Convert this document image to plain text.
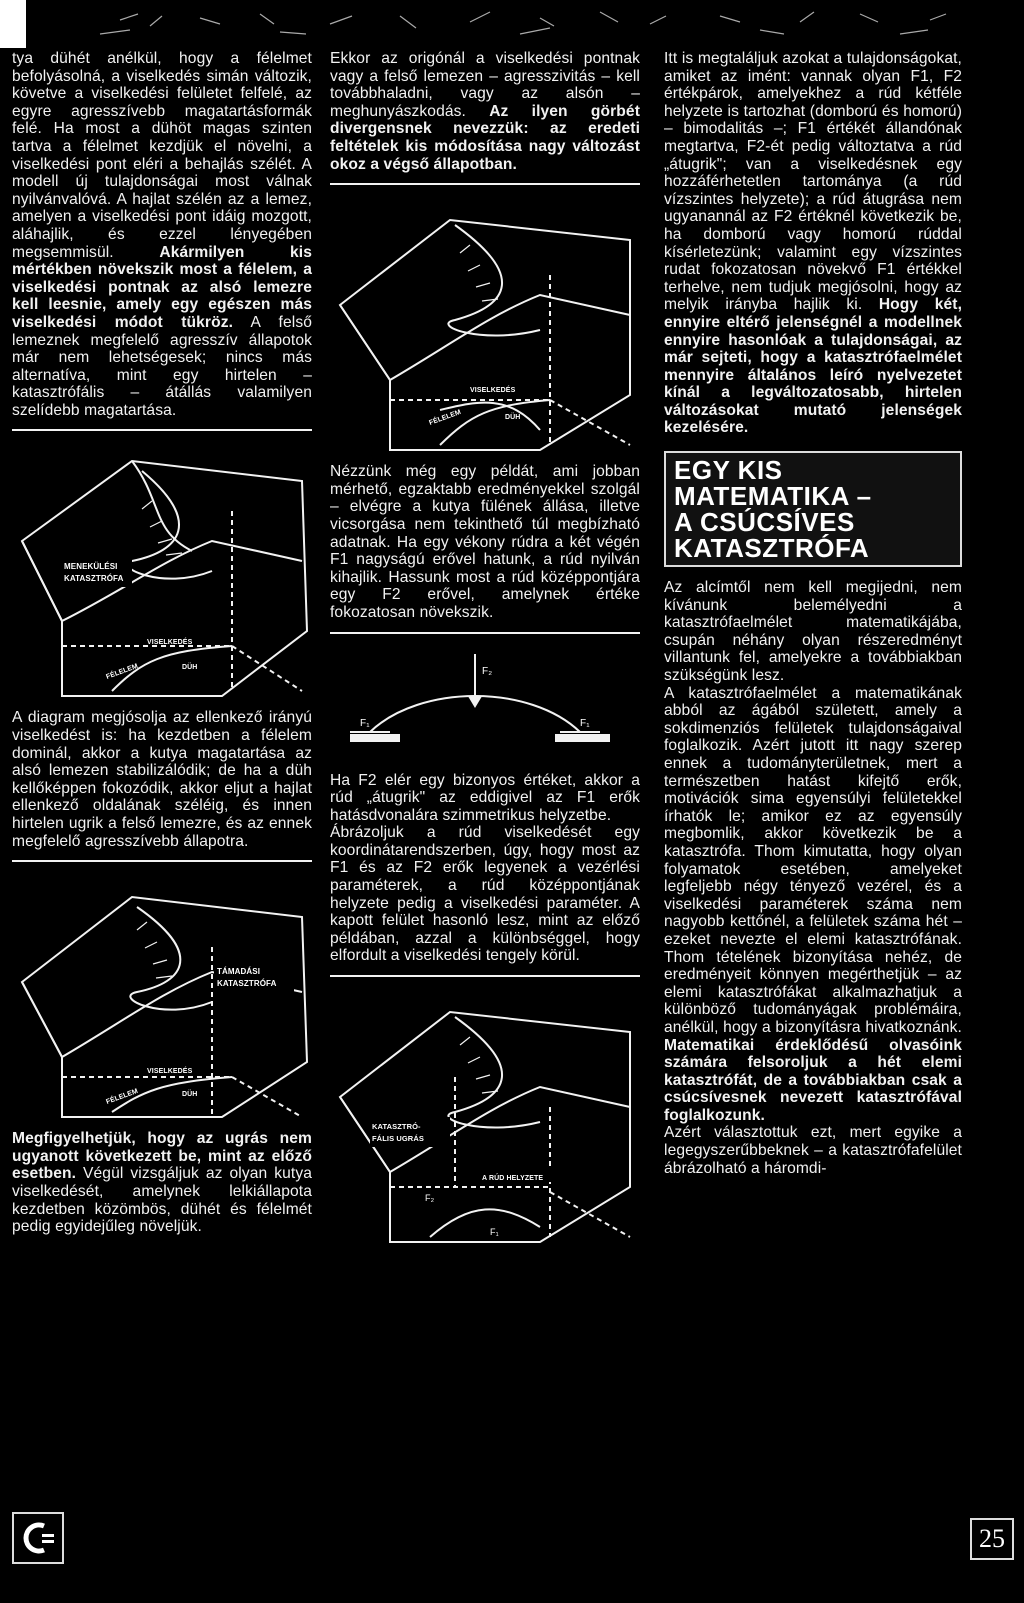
tya dühét anélkül, hogy a félelmet befolyásolná, a viselkedés simán változik, követve a viselkedési felületet felfelé, az egyre agresszívebb magatartásformák felé. Ha most a dühöt magas szinten tartva a félelmet kezdjük el növelni, a viselkedési pont eléri a behajlás szélét. A modell új tulajdonságai most válnak nyilvánvalóvá. A hajlat szélén az a lemez, amelyen a viselkedési pont idáig mozgott, aláhajlik, és ezzel lényegében megsemmisül.	Akármilyen kis mértékben növekszik most a félelem, a viselkedési pontnak az alsó lemezre kell leesnie, amely egy egészen más viselkedési módot tükröz. A felső lemeznek megfelelő agresszív állapotok már nem lehetségesek; nincs más alternatíva, mint egy hirtelen – katasztrófális – átállás valamilyen szelídebb magatartása.

MENEKÜLÉSI
KATASZTRÓFA
VISELKEDÉS
FÉLELEM	DÜH

A diagram megjósolja az ellenkező irányú viselkedést is: ha kezdetben a félelem dominál, akkor a kutya magatartása az alsó lemezen stabilizálódik; de ha a düh kellőképpen fokozódik, akkor eljut a hajlat ellenkező oldalának széléig, és innen hirtelen ugrik a felső lemezre, és az ennek megfelelő agresszívebb állapotra.

TÁMADÁSI
KATASZTRÓFA
VISELKEDÉS
FÉLELEM	DÜH

Megfigyelhetjük, hogy az ugrás nem ugyanott következett be, mint az előző esetben. Végül vizsgáljuk az olyan kutya viselkedését, amelynek lelkiállapota kezdetben közömbös, dühét és félelmét pedig egyidejűleg növeljük.

Ekkor az origónál a viselkedési pontnak vagy a felső lemezen – agresszivitás – kell továbbhaladni, vagy az alsón – meghunyászkodás. Az ilyen görbét divergensnek nevezzük: az eredeti feltételek kis módosítása nagy változást okoz a végső állapotban.

VISELKEDÉS
FÉLELEM	DÜH

Nézzünk még egy példát, ami jobban mérhető, egzaktabb eredményekkel szolgál – elvégre a kutya fülének állása, illetve vicsorgása nem tekinthető túl megbízható adatnak. Ha egy vékony rúdra a két végén F1 nagyságú erővel hatunk, a rúd nyilván kihajlik. Hassunk most a rúd középpontjára egy F2 erővel, amelynek értéke fokozatosan növekszik.

F₂
F₁	F₁

Ha F2 elér egy bizonyos értéket, akkor a rúd „átugrik" az eddigivel az F1 erők hatásdvonalára szimmetrikus helyzetbe.

Ábrázoljuk a rúd viselkedését egy koordinátarendszerben, úgy, hogy most az F1 és az F2 erők legyenek a vezérlési paraméterek, a rúd középpontjának helyzete pedig a viselkedési paraméter. A kapott felület hasonló lesz, mint az előző példában, azzal a különbséggel, hogy elfordult a viselkedési tengely körül.

KATASZTRÓ-
FÁLIS UGRÁS
A RÚD HELYZETE
F₂
F₁

Itt is megtaláljuk azokat a tulajdonságokat, amiket az imént: vannak olyan F1, F2 értékpárok, amelyekhez a rúd kétféle helyzete is tartozhat (domború és homorú) – bimodalitás –; F1 értékét állandónak megtartva, F2-ét pedig változtatva a rúd „átugrik"; van a viselkedésnek egy hozzáférhetetlen tartománya (a rúd vízszintes helyzete); a rúd átugrása nem ugyanannál az F2 értéknél következik be, ha domború vagy homorú rúddal kísérletezünk; valamint egy vízszintes rudat fokozatosan növekvő F1 értékkel terhelve, nem tudjuk megjósolni, hogy az melyik irányba hajlik ki. Hogy két, ennyire eltérő jelenségnél a modellnek ennyire hasonlóak a tulajdonságai, az már sejteti, hogy a katasztrófaelmélet mennyire általános leíró nyelvezetet kínál a legváltozatosabb, hirtelen változásokat mutató jelenségek kezelésére.

EGY KIS
MATEMATIKA –
A CSÚCSÍVES
KATASZTRÓFA

Az alcímtől nem kell megijedni, nem kívánunk belemélyedni a katasztrófaelmélet matematikájába, csupán néhány olyan részeredményt villantunk fel, amelyekre a továbbiakban szükségünk lesz.

A katasztrófaelmélet a matematikának abból az ágából született, amely a sokdimenziós felületek tulajdonságaival foglalkozik. Azért jutott itt nagy szerep ennek a tudományterületnek, mert a természetben hatást kifejtő erők, motivációk sima egyensúlyi felületekkel írhatók le; amikor ez az egyensúly megbomlik, akkor következik be a katasztrófa. Thom kimutatta, hogy olyan folyamatok esetében, amelyeket legfeljebb négy tényező vezérel, és a viselkedési paraméterek száma nem nagyobb kettőnél, a felületek száma hét – ezeket nevezte el elemi katasztrófának. Thom tételének bizonyítása nehéz, de eredményeit könnyen megérthetjük – az elemi katasztrófákat alkalmazhatjuk a különböző tudományágak problémáira, anélkül, hogy a bizonyításra hivatkoznánk. Matematikai érdeklődésű olvasóink számára felsoroljuk a hét elemi katasztrófát, de a továbbiakban csak a csúcsívesnek nevezett katasztrófával foglalkozunk.

Azért választottuk ezt, mert egyike a legegyszerűbbeknek – a katasztrófafelület ábrázolható a háromdi-

25
